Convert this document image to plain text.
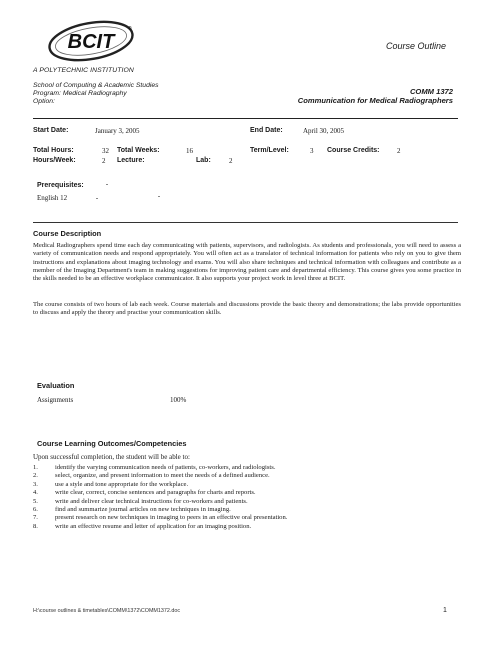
BCIT
®
Course Outline
A POLYTECHNIC INSTITUTION
School of Computing & Academic Studies
Program: Medical Radiography
Option:
COMM 1372
Communication for Medical Radiographers
Start Date:	January 3, 2005	End Date:	April 30, 2005
Total Hours:	32 Total Weeks:	16	Term/Level:	3 Course Credits: 2
Hours/Week:	2 Lecture:	Lab:	2
Prerequisites:
English 12
Course Description

Medical Radiographers spend time each day communicating with patients, supervisors, and radiologists. As students and professionals, you will need to assess a variety of communication needs and respond appropriately. You will often act as a translator of technical information for patients who rely on you to give them instructions and explanations about imaging technology and exams. You will also share techniques and technical information with colleagues and contribute as a member of the Imaging Department's team in making suggestions for improving patient care and departmental efficiency. This course gives you some practice in the skills needed to be an effective workplace communicator. It also supports your project work in level three at BCIT.

The course consists of two hours of lab each week. Course materials and discussions provide the basic theory and demonstrations; the labs provide opportunities to discuss and apply the theory and practise your communication skills.

Evaluation
Assignments	100%
Course Learning Outcomes/Competencies
Upon successful completion, the student will be able to:
1.	identify the varying communication needs of patients, co-workers, and radiologists.
2.	select, organize, and present information to meet the needs of a defined audience.
3.	use a style and tone appropriate for the workplace.
4.	write clear, correct, concise sentences and paragraphs for charts and reports.
5.	write and deliver clear technical instructions for co-workers and patients.
6.	find and summarize journal articles on new techniques in imaging.
7.	present research on new techniques in imaging to peers in an effective oral presentation.
8.	write an effective resume and letter of application for an imaging position.
H:\course outlines & timetables\COMM\1372\COMM1372.doc	1
